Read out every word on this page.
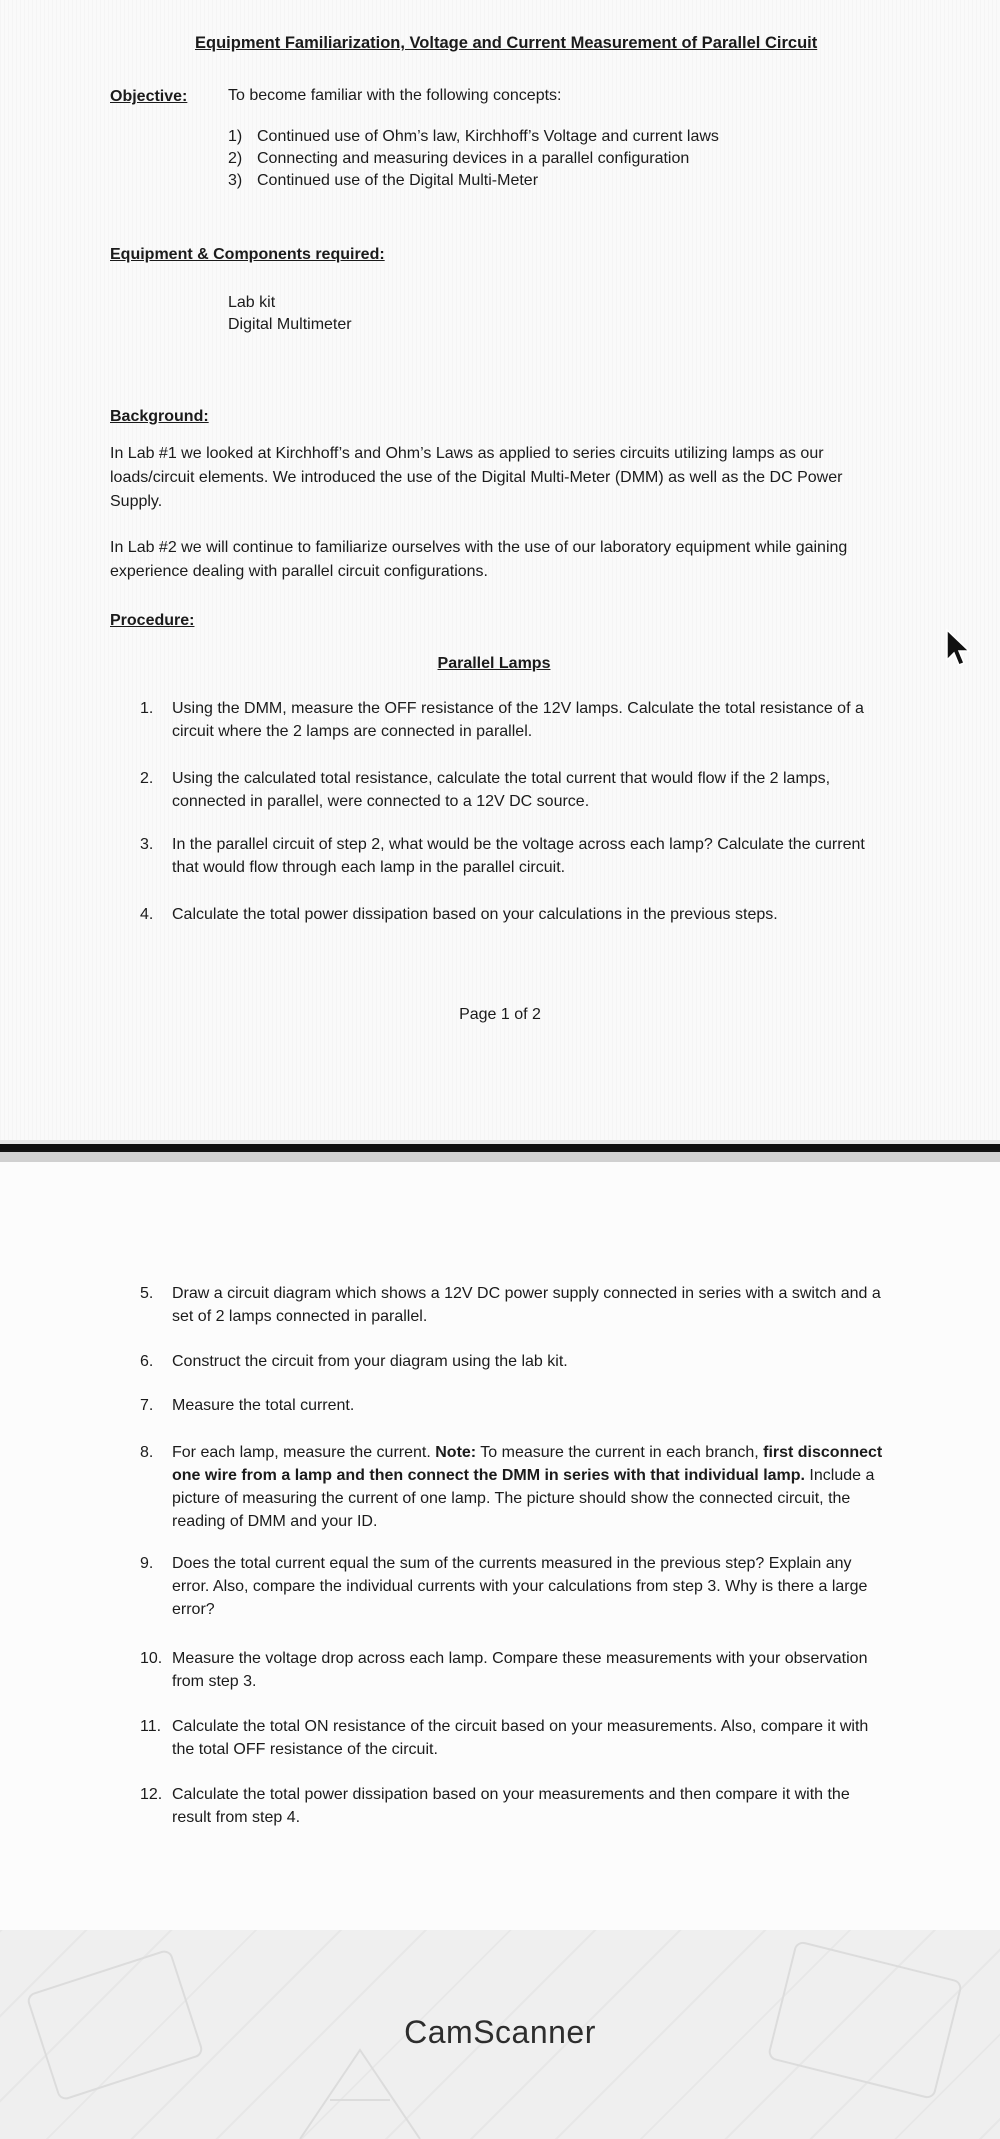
Equipment Familiarization, Voltage and Current Measurement of Parallel Circuit
Objective:	To become familiar with the following concepts:
1) Continued use of Ohm’s law, Kirchhoff’s Voltage and current laws
2) Connecting and measuring devices in a parallel configuration
3) Continued use of the Digital Multi-Meter
Equipment & Components required:
Lab kit
Digital Multimeter
Background:
In Lab #1 we looked at Kirchhoff’s and Ohm’s Laws as applied to series circuits utilizing lamps as our loads/circuit elements. We introduced the use of the Digital Multi-Meter (DMM) as well as the DC Power Supply.
In Lab #2 we will continue to familiarize ourselves with the use of our laboratory equipment while gaining experience dealing with parallel circuit configurations.
Procedure:
Parallel Lamps
1.	Using the DMM, measure the OFF resistance of the 12V lamps. Calculate the total resistance of a circuit where the 2 lamps are connected in parallel.
2.	Using the calculated total resistance, calculate the total current that would flow if the 2 lamps, connected in parallel, were connected to a 12V DC source.
3.	In the parallel circuit of step 2, what would be the voltage across each lamp? Calculate the current that would flow through each lamp in the parallel circuit.
4.	Calculate the total power dissipation based on your calculations in the previous steps.
Page 1 of 2
5.	Draw a circuit diagram which shows a 12V DC power supply connected in series with a switch and a set of 2 lamps connected in parallel.
6.	Construct the circuit from your diagram using the lab kit.
7.	Measure the total current.
8.	For each lamp, measure the current. Note: To measure the current in each branch, first disconnect one wire from a lamp and then connect the DMM in series with that individual lamp. Include a picture of measuring the current of one lamp. The picture should show the connected circuit, the reading of DMM and your ID.
9.	Does the total current equal the sum of the currents measured in the previous step? Explain any error. Also, compare the individual currents with your calculations from step 3. Why is there a large error?
10. Measure the voltage drop across each lamp. Compare these measurements with your observation from step 3.
11. Calculate the total ON resistance of the circuit based on your measurements. Also, compare it with the total OFF resistance of the circuit.
12. Calculate the total power dissipation based on your measurements and then compare it with the result from step 4.
CamScanner
